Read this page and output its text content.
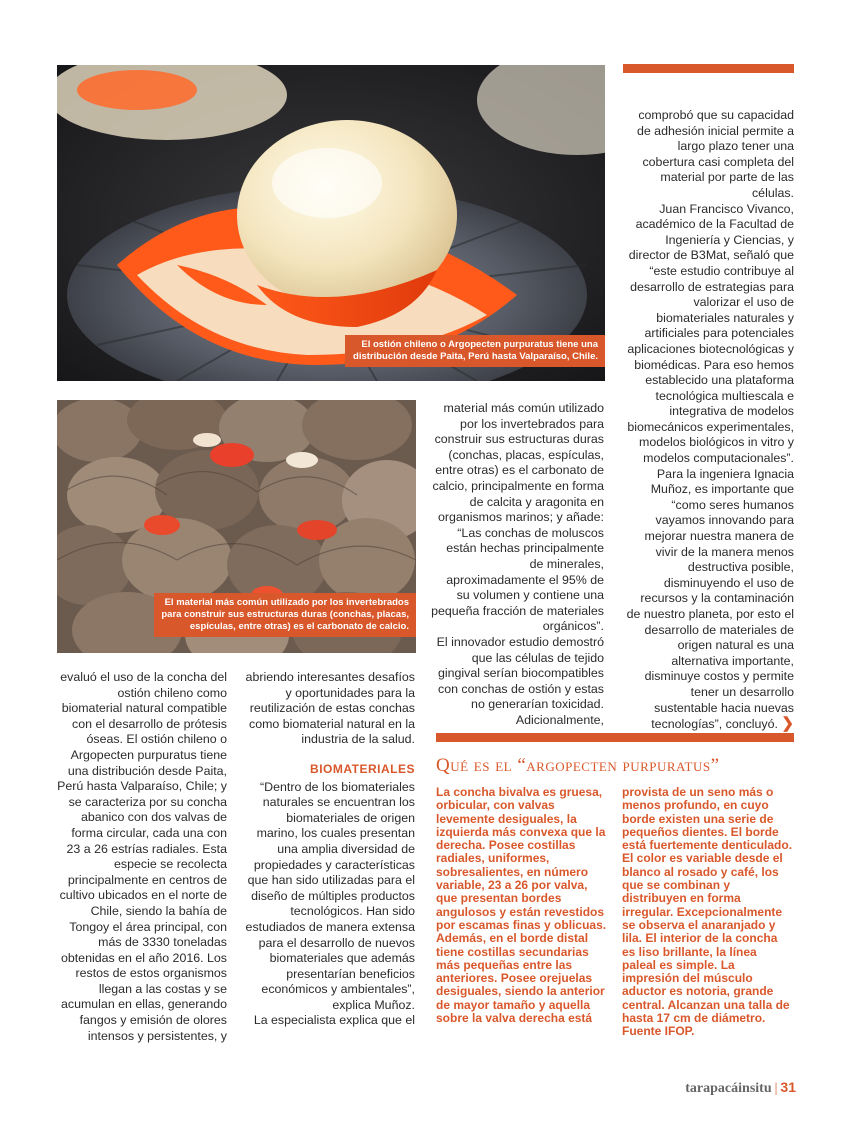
El ostión chileno o Argopecten purpuratus tiene una distribución desde Paita, Perú hasta Valparaíso, Chile.
El material más común utilizado por los invertebrados para construir sus estructuras duras (conchas, placas, espículas, entre otras) es el carbonato de calcio.

comprobó que su capacidad de adhesión inicial permite a largo plazo tener una cobertura casi completa del material por parte de las células.

Juan Francisco Vivanco, académico de la Facultad de Ingeniería y Ciencias, y director de B3Mat, señaló que “este estudio contribuye al desarrollo de estrategias para valorizar el uso de biomateriales naturales y artificiales para potenciales aplicaciones biotecnológicas y biomédicas. Para eso hemos establecido una plataforma tecnológica multiescala e integrativa de modelos biomecánicos experimentales, modelos biológicos in vitro y modelos computacionales”.

Para la ingeniera Ignacia Muñoz, es importante que “como seres humanos vayamos innovando para mejorar nuestra manera de vivir de la manera menos destructiva posible, disminuyendo el uso de recursos y la contaminación de nuestro planeta, por esto el desarrollo de materiales de origen natural es una alternativa importante, disminuye costos y permite tener un desarrollo sustentable hacia nuevas tecnologías”, concluyó. ❯

material más común utilizado por los invertebrados para construir sus estructuras duras (conchas, placas, espículas, entre otras) es el carbonato de calcio, principalmente en forma de calcita y aragonita en organismos marinos; y añade: “Las conchas de moluscos están hechas principalmente de minerales, aproximadamente el 95% de su volumen y contiene una pequeña fracción de materiales orgánicos”.

El innovador estudio demostró que las células de tejido gingival serían biocompatibles con conchas de ostión y estas no generarían toxicidad. Adicionalmente,

evaluó el uso de la concha del ostión chileno como biomaterial natural compatible con el desarrollo de prótesis óseas. El ostión chileno o Argopecten purpuratus tiene una distribución desde Paita, Perú hasta Valparaíso, Chile; y se caracteriza por su concha abanico con dos valvas de forma circular, cada una con 23 a 26 estrías radiales. Esta especie se recolecta principalmente en centros de cultivo ubicados en el norte de Chile, siendo la bahía de Tongoy el área principal, con más de 3330 toneladas obtenidas en el año 2016. Los restos de estos organismos llegan a las costas y se acumulan en ellas, generando fangos y emisión de olores intensos y persistentes, y

abriendo interesantes desafíos y oportunidades para la reutilización de estas conchas como biomaterial natural en la industria de la salud.

BIOMATERIALES

“Dentro de los biomateriales naturales se encuentran los biomateriales de origen marino, los cuales presentan una amplia diversidad de propiedades y características que han sido utilizadas para el diseño de múltiples productos tecnológicos. Han sido estudiados de manera extensa para el desarrollo de nuevos biomateriales que además presentarían beneficios económicos y ambientales”, explica Muñoz.

La especialista explica que el

Qué es el “argopecten purpuratus”
La concha bivalva es gruesa, orbicular, con valvas levemente desiguales, la izquierda más convexa que la derecha. Posee costillas radiales, uniformes, sobresalientes, en número variable, 23 a 26 por valva, que presentan bordes angulosos y están revestidos por escamas finas y oblicuas. Además, en el borde distal tiene costillas secundarias más pequeñas entre las anteriores. Posee orejuelas desiguales, siendo la anterior de mayor tamaño y aquella sobre la valva derecha está
provista de un seno más o menos profundo, en cuyo borde existen una serie de pequeños dientes. El borde está fuertemente denticulado. El color es variable desde el blanco al rosado y café, los que se combinan y distribuyen en forma irregular. Excepcionalmente se observa el anaranjado y lila. El interior de la concha es liso brillante, la línea paleal es simple. La impresión del músculo aductor es notoria, grande central. Alcanzan una talla de hasta 17 cm de diámetro. Fuente IFOP.
tarapacáinsitu | 31
